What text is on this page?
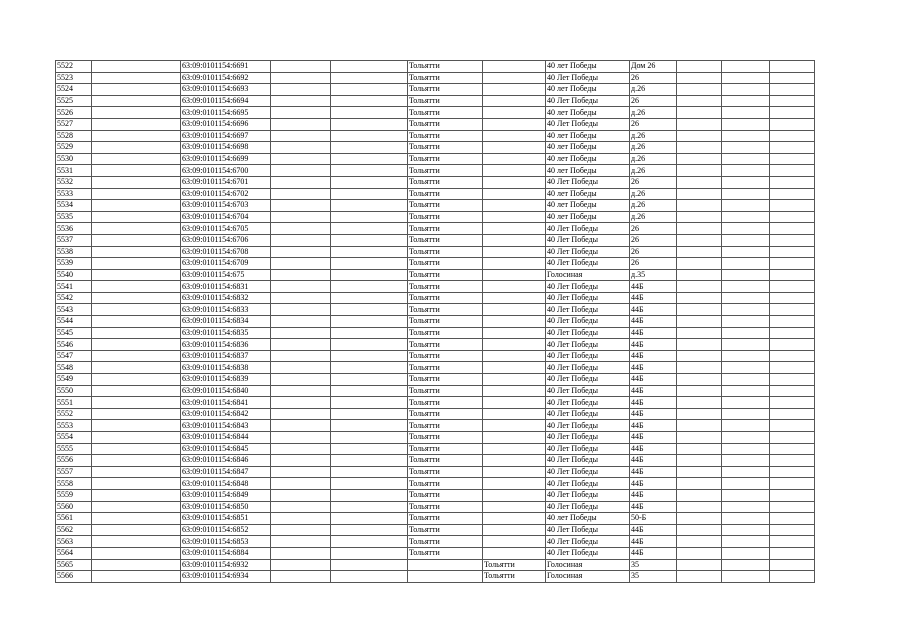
5522		63:09:0101154:6691			Тольятти		40 лет Победы	Дом 26			
5523		63:09:0101154:6692			Тольятти		40 Лет Победы	26			
5524		63:09:0101154:6693			Тольятти		40 лет Победы	д.26			
5525		63:09:0101154:6694			Тольятти		40 Лет Победы	26			
5526		63:09:0101154:6695			Тольятти		40 лет Победы	д.26			
5527		63:09:0101154:6696			Тольятти		40 Лет Победы	26			
5528		63:09:0101154:6697			Тольятти		40 лет Победы	д.26			
5529		63:09:0101154:6698			Тольятти		40 лет Победы	д.26			
5530		63:09:0101154:6699			Тольятти		40 лет Победы	д.26			
5531		63:09:0101154:6700			Тольятти		40 лет Победы	д.26			
5532		63:09:0101154:6701			Тольятти		40 Лет Победы	26			
5533		63:09:0101154:6702			Тольятти		40 лет Победы	д.26			
5534		63:09:0101154:6703			Тольятти		40 лет Победы	д.26			
5535		63:09:0101154:6704			Тольятти		40 лет Победы	д.26			
5536		63:09:0101154:6705			Тольятти		40 Лет Победы	26			
5537		63:09:0101154:6706			Тольятти		40 Лет Победы	26			
5538		63:09:0101154:6708			Тольятти		40 Лет Победы	26			
5539		63:09:0101154:6709			Тольятти		40 Лет Победы	26			
5540		63:09:0101154:675			Тольятти		Голосиная	д.35			
5541		63:09:0101154:6831			Тольятти		40 Лет Победы	44Б			
5542		63:09:0101154:6832			Тольятти		40 Лет Победы	44Б			
5543		63:09:0101154:6833			Тольятти		40 Лет Победы	44Б			
5544		63:09:0101154:6834			Тольятти		40 Лет Победы	44Б			
5545		63:09:0101154:6835			Тольятти		40 Лет Победы	44Б			
5546		63:09:0101154:6836			Тольятти		40 Лет Победы	44Б			
5547		63:09:0101154:6837			Тольятти		40 Лет Победы	44Б			
5548		63:09:0101154:6838			Тольятти		40 Лет Победы	44Б			
5549		63:09:0101154:6839			Тольятти		40 Лет Победы	44Б			
5550		63:09:0101154:6840			Тольятти		40 Лет Победы	44Б			
5551		63:09:0101154:6841			Тольятти		40 Лет Победы	44Б			
5552		63:09:0101154:6842			Тольятти		40 Лет Победы	44Б			
5553		63:09:0101154:6843			Тольятти		40 Лет Победы	44Б			
5554		63:09:0101154:6844			Тольятти		40 Лет Победы	44Б			
5555		63:09:0101154:6845			Тольятти		40 Лет Победы	44Б			
5556		63:09:0101154:6846			Тольятти		40 Лет Победы	44Б			
5557		63:09:0101154:6847			Тольятти		40 Лет Победы	44Б			
5558		63:09:0101154:6848			Тольятти		40 Лет Победы	44Б			
5559		63:09:0101154:6849			Тольятти		40 Лет Победы	44Б			
5560		63:09:0101154:6850			Тольятти		40 Лет Победы	44Б			
5561		63:09:0101154:6851			Тольятти		40 лет Победы	50-Б			
5562		63:09:0101154:6852			Тольятти		40 Лет Победы	44Б			
5563		63:09:0101154:6853			Тольятти		40 Лет Победы	44Б			
5564		63:09:0101154:6884			Тольятти		40 Лет Победы	44Б			
5565		63:09:0101154:6932				Тольятти	Голосиная	35			
5566		63:09:0101154:6934				Тольятти	Голосиная	35			
